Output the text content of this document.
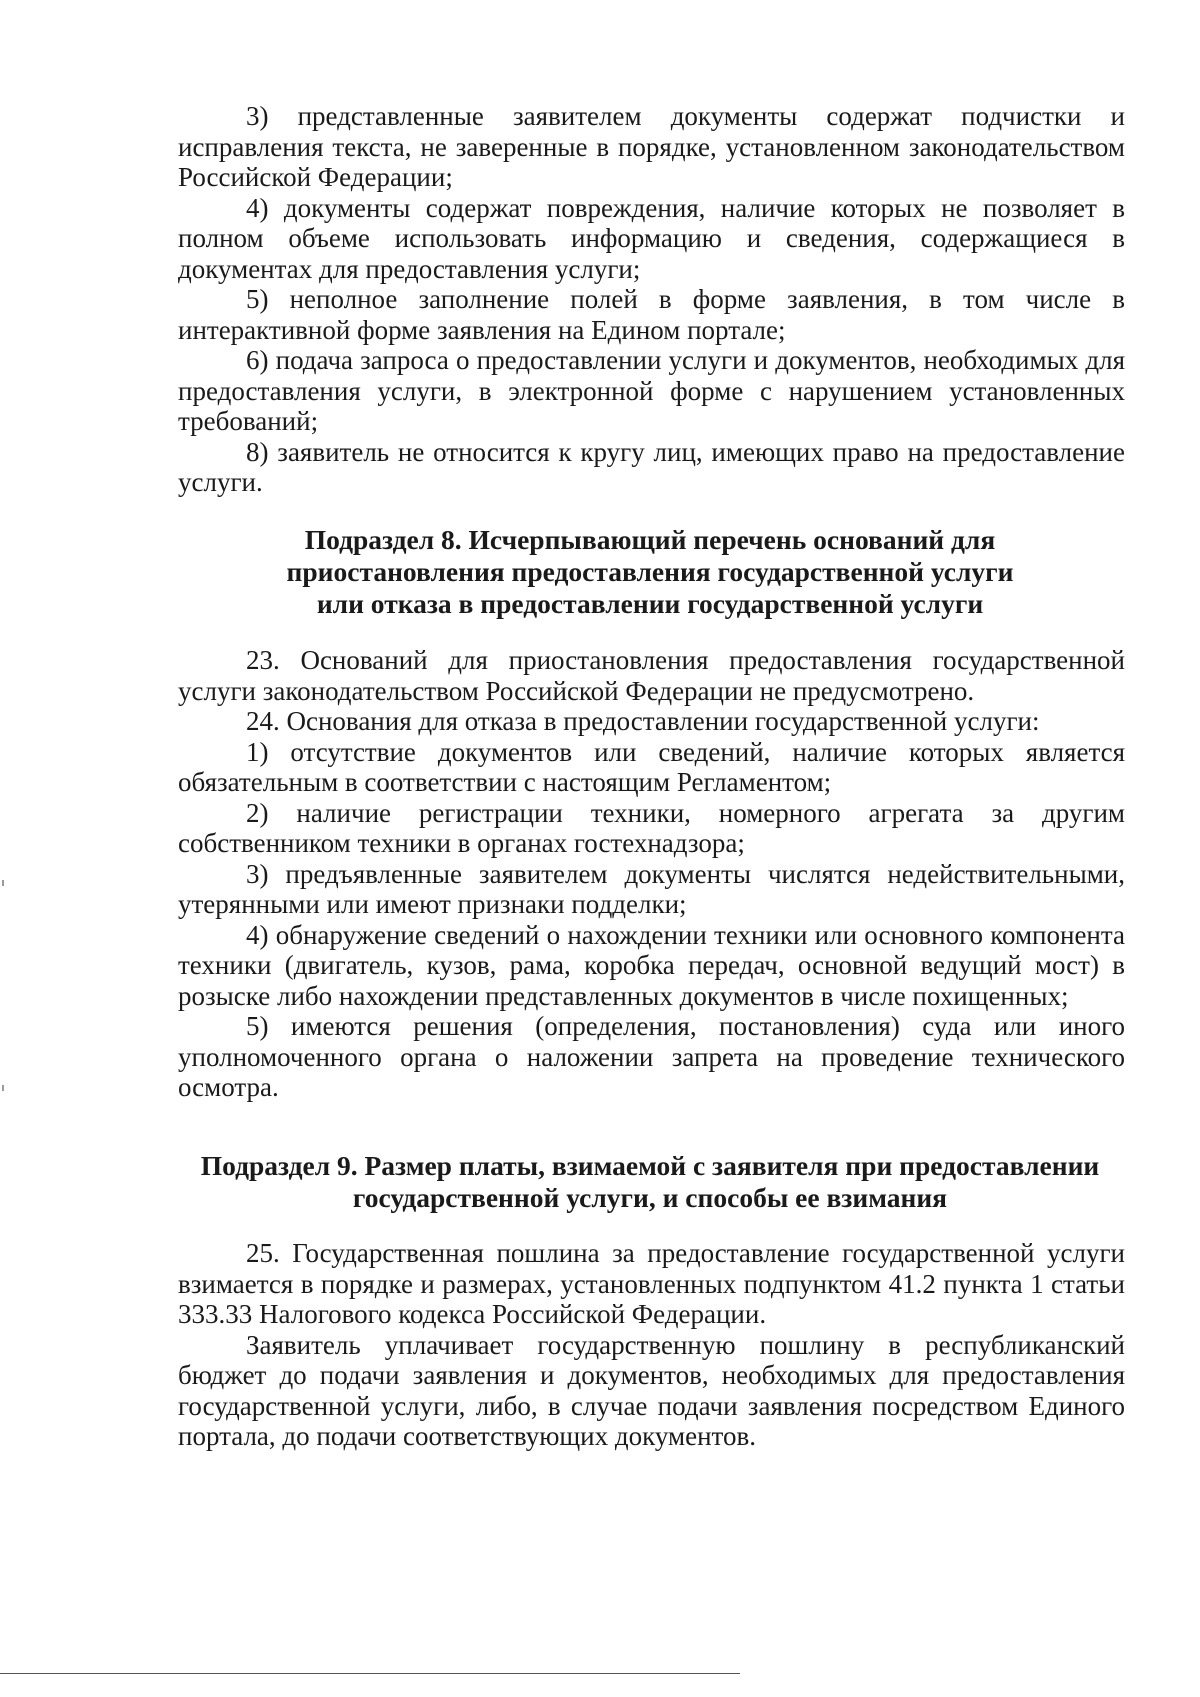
3) представленные заявителем документы содержат подчистки и исправления текста, не заверенные в порядке, установленном законодательством Российской Федерации;

4) документы содержат повреждения, наличие которых не позволяет в полном объеме использовать информацию и сведения, содержащиеся в документах для предоставления услуги;

5) неполное заполнение полей в форме заявления, в том числе в интерактивной форме заявления на Едином портале;

6) подача запроса о предоставлении услуги и документов, необходимых для предоставления услуги, в электронной форме с нарушением установленных требований;

8) заявитель не относится к кругу лиц, имеющих право на предоставление услуги.

Подраздел 8. Исчерпывающий перечень оснований для
приостановления предоставления государственной услуги
или отказа в предоставлении государственной услуги

23. Оснований для приостановления предоставления государственной услуги законодательством Российской Федерации не предусмотрено.

24. Основания для отказа в предоставлении государственной услуги:

1) отсутствие документов или сведений, наличие которых является обязательным в соответствии с настоящим Регламентом;

2) наличие регистрации техники, номерного агрегата за другим собственником техники в органах гостехнадзора;

3) предъявленные заявителем документы числятся недействительными, утерянными или имеют признаки подделки;

4) обнаружение сведений о нахождении техники или основного компонента техники (двигатель, кузов, рама, коробка передач, основной ведущий мост) в розыске либо нахождении представленных документов в числе похищенных;

5) имеются решения (определения, постановления) суда или иного уполномоченного органа о наложении запрета на проведение технического осмотра.

Подраздел 9. Размер платы, взимаемой с заявителя при предоставлении
государственной услуги, и способы ее взимания

25. Государственная пошлина за предоставление государственной услуги взимается в порядке и размерах, установленных подпунктом 41.2 пункта 1 статьи 333.33 Налогового кодекса Российской Федерации.

Заявитель уплачивает государственную пошлину в республиканский бюджет до подачи заявления и документов, необходимых для предоставления государственной услуги, либо, в случае подачи заявления посредством Единого портала, до подачи соответствующих документов.
